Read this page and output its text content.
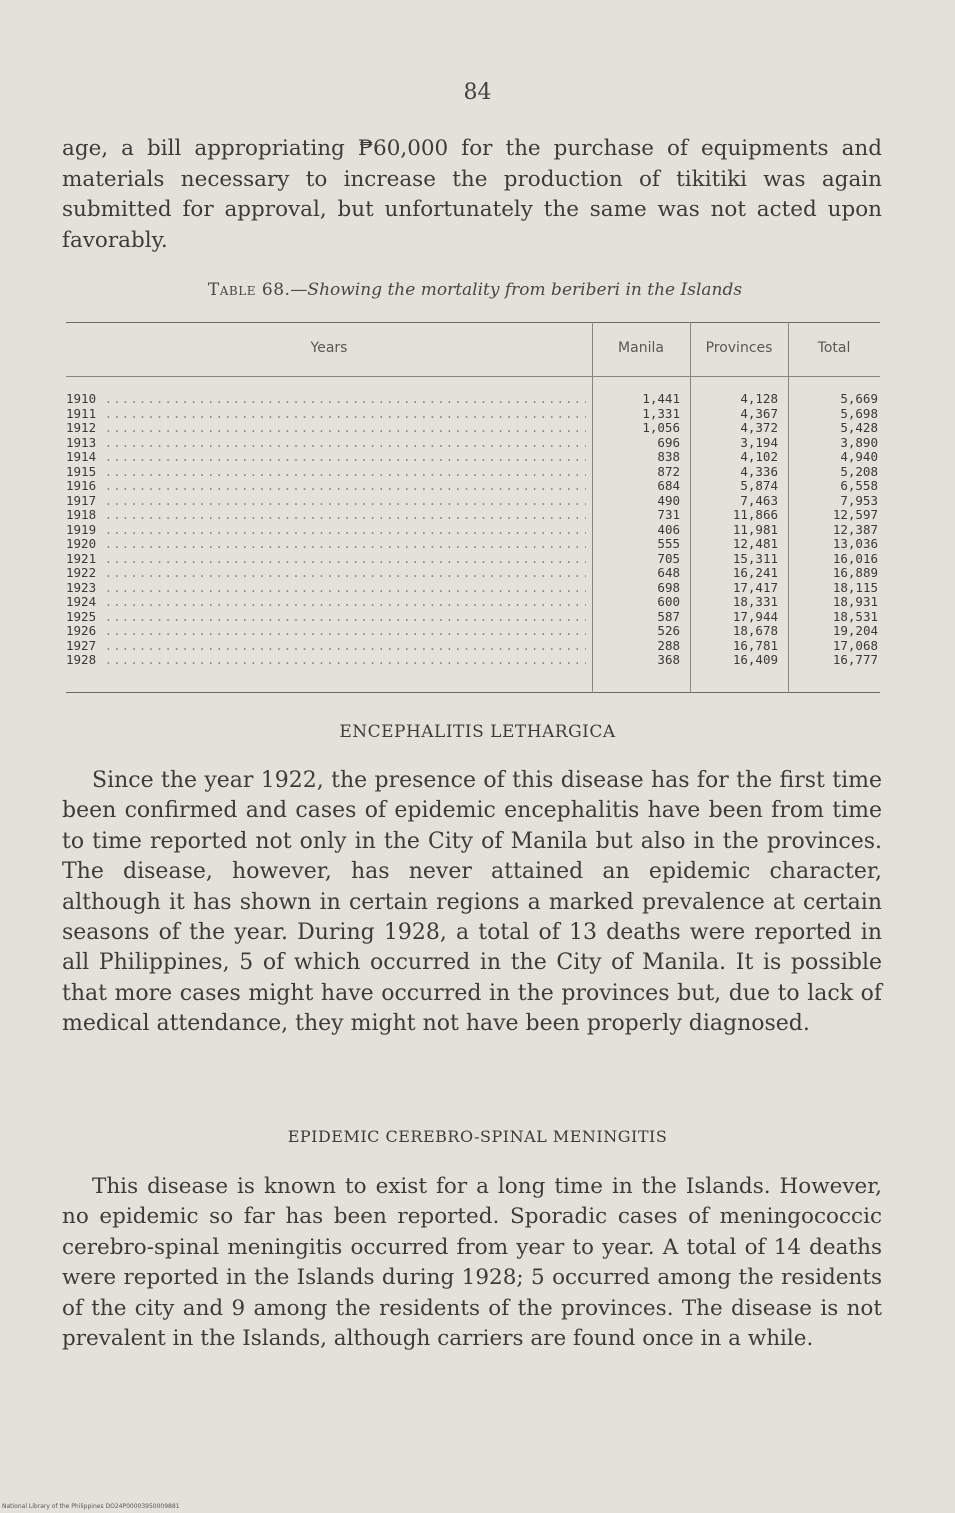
84
age, a bill appropriating ₱60,000 for the purchase of equipments and materials necessary to increase the production of tikitiki was again submitted for approval, but unfortunately the same was not acted upon favorably.
Table 68.—Showing the mortality from beriberi in the Islands
Years	Manila	Provinces	Total
1910 .....	1,441	4,128	5,669
1911 .....	1,331	4,367	5,698
1912 .....	1,056	4,372	5,428
1913 .....	696	3,194	3,890
1914 .....	838	4,102	4,940
1915 .....	872	4,336	5,208
1916 .....	684	5,874	6,558
1917 .....	490	7,463	7,953
1918 .....	731	11,866	12,597
1919 .....	406	11,981	12,387
1920 .....	555	12,481	13,036
1921 .....	705	15,311	16,016
1922 .....	648	16,241	16,889
1923 .....	698	17,417	18,115
1924 .....	600	18,331	18,931
1925 .....	587	17,944	18,531
1926 .....	526	18,678	19,204
1927 .....	288	16,781	17,068
1928 .....	368	16,409	16,777
ENCEPHALITIS LETHARGICA
Since the year 1922, the presence of this disease has for the first time been confirmed and cases of epidemic encephalitis have been from time to time reported not only in the City of Manila but also in the provinces. The disease, however, has never attained an epidemic character, although it has shown in certain regions a marked prevalence at certain seasons of the year. During 1928, a total of 13 deaths were reported in all Philippines, 5 of which occurred in the City of Manila. It is possible that more cases might have occurred in the provinces but, due to lack of medical attendance, they might not have been properly diagnosed.
EPIDEMIC CEREBRO-SPINAL MENINGITIS
This disease is known to exist for a long time in the Islands. However, no epidemic so far has been reported. Sporadic cases of meningococcic cerebro-spinal meningitis occurred from year to year. A total of 14 deaths were reported in the Islands during 1928; 5 occurred among the residents of the city and 9 among the residents of the provinces. The disease is not prevalent in the Islands, although carriers are found once in a while.
National Library of the Philippines DO24P00003950009881
